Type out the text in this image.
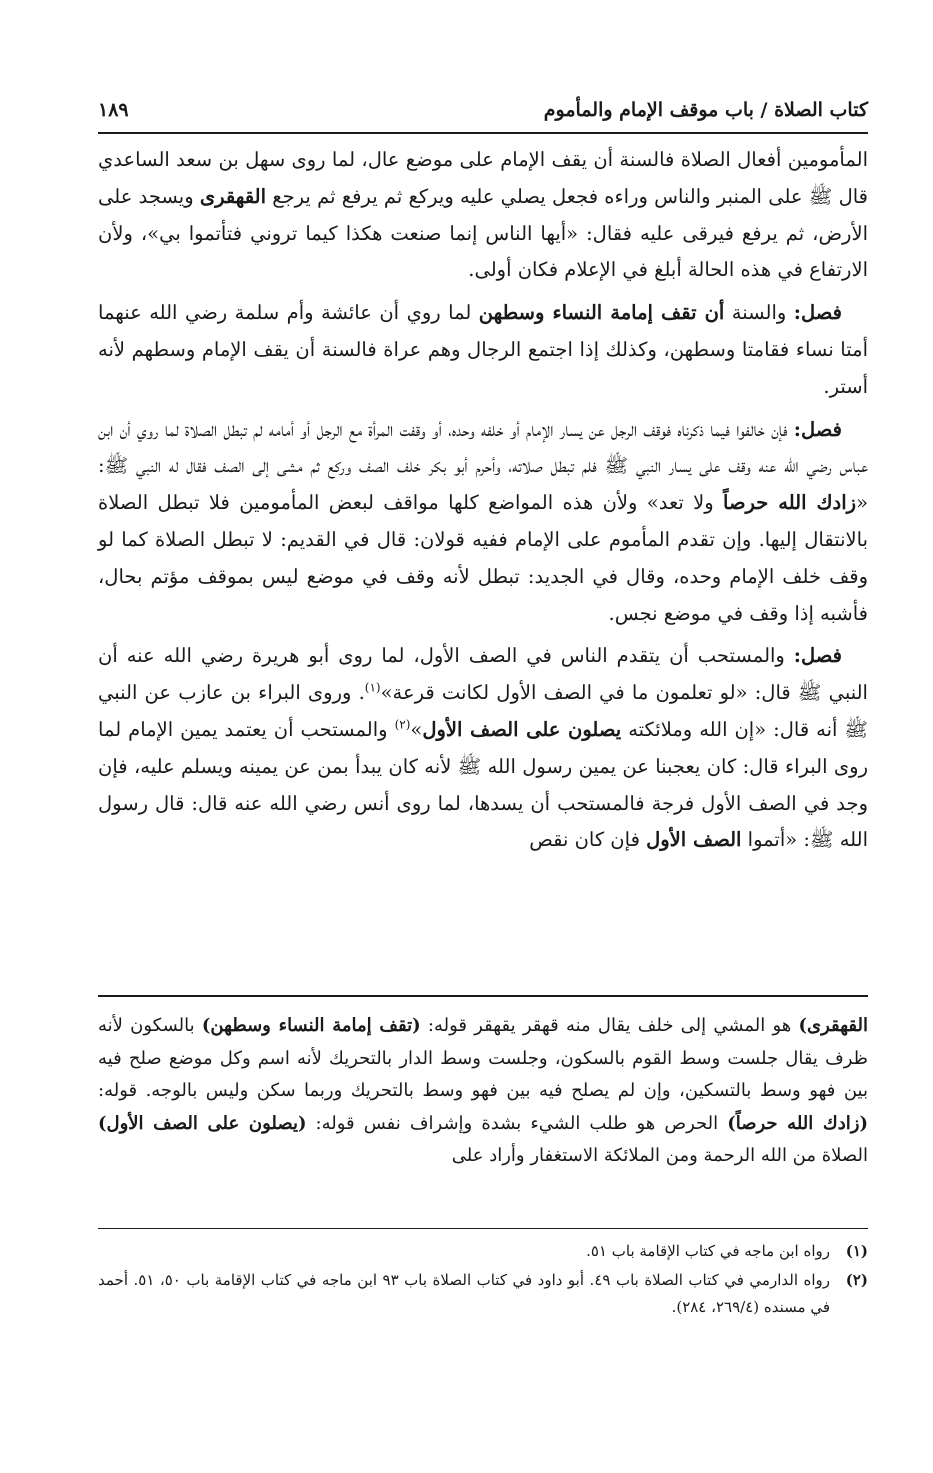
كتاب الصلاة / باب موقف الإمام والمأموم
١٨٩

المأمومين أفعال الصلاة فالسنة أن يقف الإمام على موضع عال، لما روى سهل بن سعد الساعدي قال ﷺ على المنبر والناس وراءه فجعل يصلي عليه ويركع ثم يرفع ثم يرجع القهقرى ويسجد على الأرض، ثم يرفع فيرقى عليه فقال: «أيها الناس إنما صنعت هكذا كيما تروني فتأتموا بي»، ولأن الارتفاع في هذه الحالة أبلغ في الإعلام فكان أولى.

فصل: والسنة أن تقف إمامة النساء وسطهن لما روي أن عائشة وأم سلمة رضي الله عنهما أمتا نساء فقامتا وسطهن، وكذلك إذا اجتمع الرجال وهم عراة فالسنة أن يقف الإمام وسطهم لأنه أستر.

فصل: فإن خالفوا فيما ذكرناه فوقف الرجل عن يسار الإمام أو خلفه وحده، أو وقفت المرأة مع الرجل أو أمامه لم تبطل الصلاة لما روي أن ابن عباس رضي الله عنه وقف على يسار النبي ﷺ فلم تبطل صلاته، وأحرم أبو بكر خلف الصف وركع ثم مشى إلى الصف فقال له النبي ﷺ: «زادك الله حرصاً ولا تعد» ولأن هذه المواضع كلها مواقف لبعض المأمومين فلا تبطل الصلاة بالانتقال إليها. وإن تقدم المأموم على الإمام ففيه قولان: قال في القديم: لا تبطل الصلاة كما لو وقف خلف الإمام وحده، وقال في الجديد: تبطل لأنه وقف في موضع ليس بموقف مؤتم بحال، فأشبه إذا وقف في موضع نجس.

فصل: والمستحب أن يتقدم الناس في الصف الأول، لما روى أبو هريرة رضي الله عنه أن النبي ﷺ قال: «لو تعلمون ما في الصف الأول لكانت قرعة»$^{(١)}$. وروى البراء بن عازب عن النبي ﷺ أنه قال: «إن الله وملائكته يصلون على الصف الأول»$^{(٢)}$ والمستحب أن يعتمد يمين الإمام لما روى البراء قال: كان يعجبنا عن يمين رسول الله ﷺ لأنه كان يبدأ بمن عن يمينه ويسلم عليه، فإن وجد في الصف الأول فرجة فالمستحب أن يسدها، لما روى أنس رضي الله عنه قال: قال رسول الله ﷺ: «أتموا الصف الأول فإن كان نقص

القهقرى) هو المشي إلى خلف يقال منه قهقر يقهقر قوله: (تقف إمامة النساء وسطهن) بالسكون لأنه ظرف يقال جلست وسط القوم بالسكون، وجلست وسط الدار بالتحريك لأنه اسم وكل موضع صلح فيه بين فهو وسط بالتسكين، وإن لم يصلح فيه بين فهو وسط بالتحريك وربما سكن وليس بالوجه. قوله: (زادك الله حرصاً) الحرص هو طلب الشيء بشدة وإشراف نفس قوله: (يصلون على الصف الأول) الصلاة من الله الرحمة ومن الملائكة الاستغفار وأراد على

(١)
رواه ابن ماجه في كتاب الإقامة باب ٥١.
(٢)
رواه الدارمي في كتاب الصلاة باب ٤٩. أبو داود في كتاب الصلاة باب ٩٣ ابن ماجه في كتاب الإقامة باب ٥٠، ٥١. أحمد في مسنده (٢٦٩/٤، ٢٨٤).
